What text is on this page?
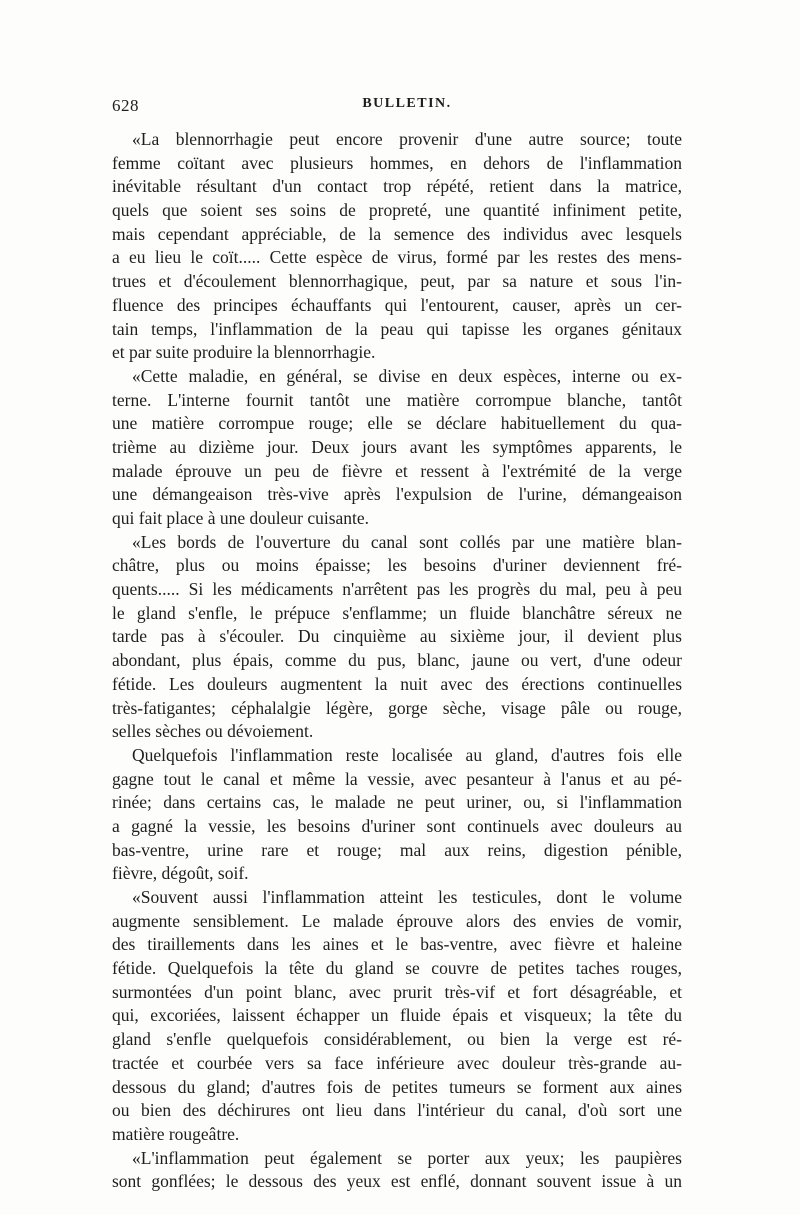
628	BULLETIN.
«La blennorrhagie peut encore provenir d'une autre source; toute
femme coïtant avec plusieurs hommes, en dehors de l'inflammation
inévitable résultant d'un contact trop répété, retient dans la matrice,
quels que soient ses soins de propreté, une quantité infiniment petite,
mais cependant appréciable, de la semence des individus avec lesquels
a eu lieu le coït..... Cette espèce de virus, formé par les restes des mens-
trues et d'écoulement blennorrhagique, peut, par sa nature et sous l'in-
fluence des principes échauffants qui l'entourent, causer, après un cer-
tain temps, l'inflammation de la peau qui tapisse les organes génitaux
et par suite produire la blennorrhagie.
«Cette maladie, en général, se divise en deux espèces, interne ou ex-
terne. L'interne fournit tantôt une matière corrompue blanche, tantôt
une matière corrompue rouge; elle se déclare habituellement du qua-
trième au dizième jour. Deux jours avant les symptômes apparents, le
malade éprouve un peu de fièvre et ressent à l'extrémité de la verge
une démangeaison très-vive après l'expulsion de l'urine, démangeaison
qui fait place à une douleur cuisante.
«Les bords de l'ouverture du canal sont collés par une matière blan-
châtre, plus ou moins épaisse; les besoins d'uriner deviennent fré-
quents..... Si les médicaments n'arrêtent pas les progrès du mal, peu à peu
le gland s'enfle, le prépuce s'enflamme; un fluide blanchâtre séreux ne
tarde pas à s'écouler. Du cinquième au sixième jour, il devient plus
abondant, plus épais, comme du pus, blanc, jaune ou vert, d'une odeur
fétide. Les douleurs augmentent la nuit avec des érections continuelles
très-fatigantes; céphalalgie légère, gorge sèche, visage pâle ou rouge,
selles sèches ou dévoiement.
Quelquefois l'inflammation reste localisée au gland, d'autres fois elle
gagne tout le canal et même la vessie, avec pesanteur à l'anus et au pé-
rinée; dans certains cas, le malade ne peut uriner, ou, si l'inflammation
a gagné la vessie, les besoins d'uriner sont continuels avec douleurs au
bas-ventre, urine rare et rouge; mal aux reins, digestion pénible,
fièvre, dégoût, soif.
«Souvent aussi l'inflammation atteint les testicules, dont le volume
augmente sensiblement. Le malade éprouve alors des envies de vomir,
des tiraillements dans les aines et le bas-ventre, avec fièvre et haleine
fétide. Quelquefois la tête du gland se couvre de petites taches rouges,
surmontées d'un point blanc, avec prurit très-vif et fort désagréable, et
qui, excoriées, laissent échapper un fluide épais et visqueux; la tête du
gland s'enfle quelquefois considérablement, ou bien la verge est ré-
tractée et courbée vers sa face inférieure avec douleur très-grande au-
dessous du gland; d'autres fois de petites tumeurs se forment aux aines
ou bien des déchirures ont lieu dans l'intérieur du canal, d'où sort une
matière rougeâtre.
«L'inflammation peut également se porter aux yeux; les paupières
sont gonflées; le dessous des yeux est enflé, donnant souvent issue à un
